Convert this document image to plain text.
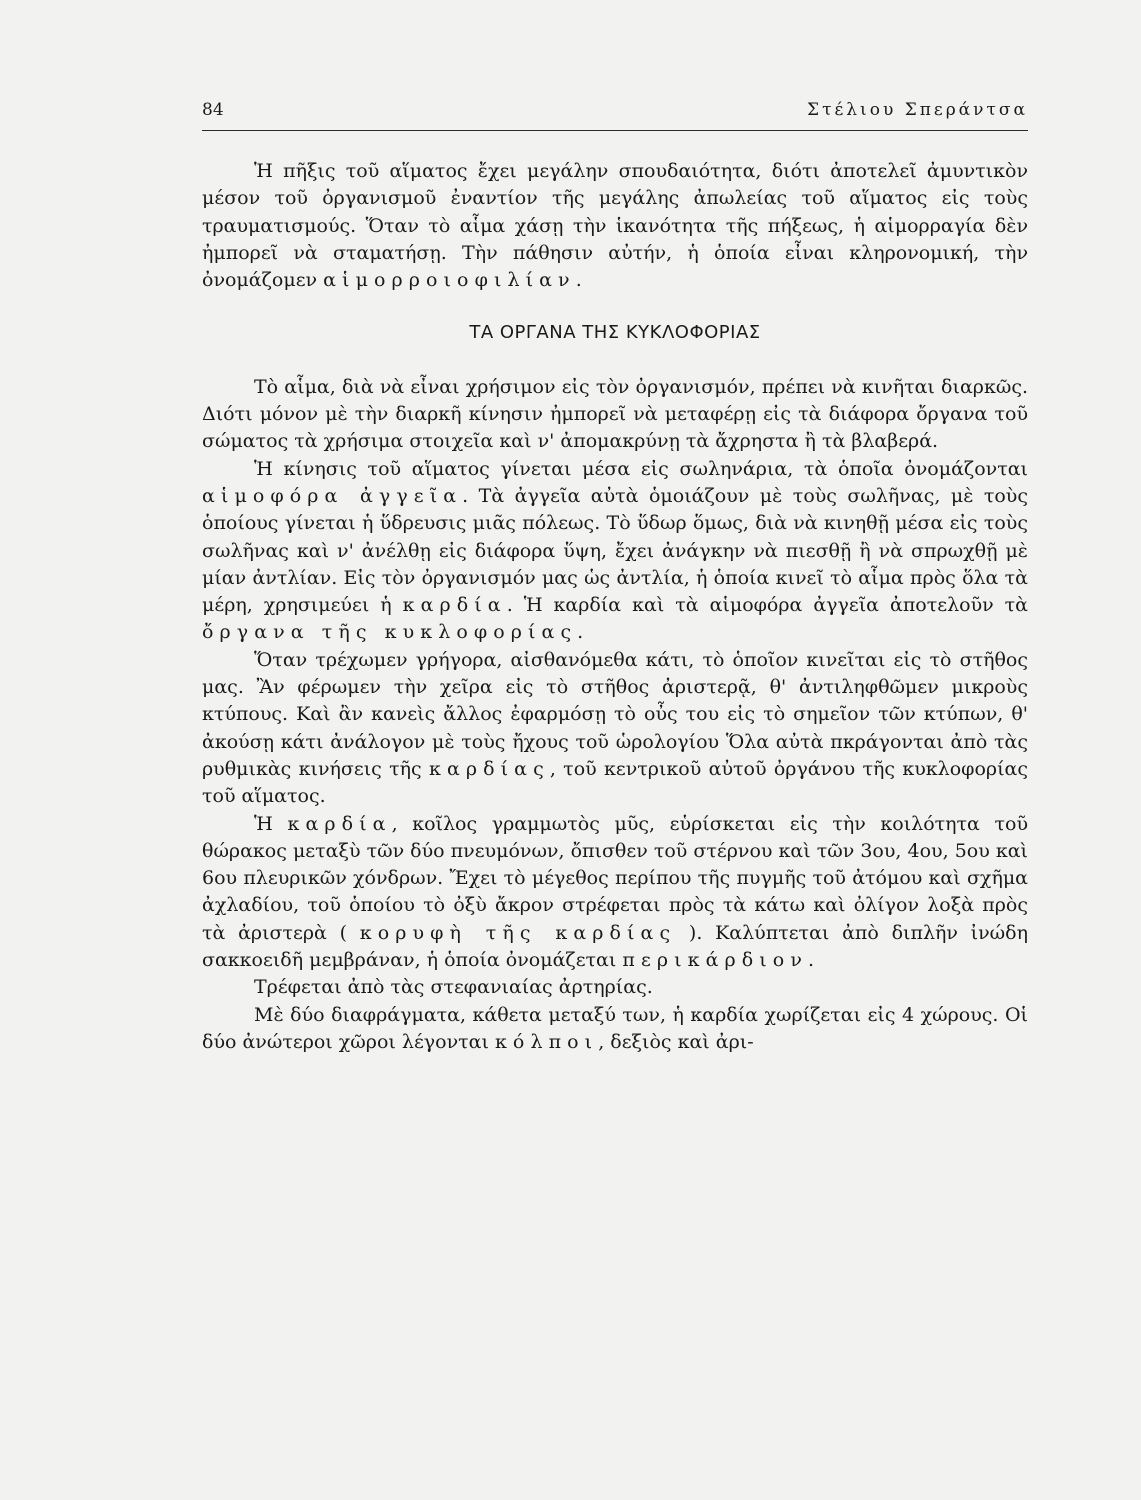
84	Στέλιου Σπεράντσα

Ἡ πῆξις τοῦ αἵματος ἔχει μεγάλην σπουδαιότητα, διότι ἀποτελεῖ ἀμυντικὸν μέσον τοῦ ὀργανισμοῦ ἐναντίον τῆς μεγάλης ἀπωλείας τοῦ αἵματος εἰς τοὺς τραυματισμούς. Ὅταν τὸ αἷμα χάσῃ τὴν ἱκανότητα τῆς πήξεως, ἡ αἱμορραγία δὲν ἠμπορεῖ νὰ σταματήσῃ. Τὴν πάθησιν αὐτήν, ἡ ὁποία εἶναι κληρονομική, τὴν ὀνομάζομεν αἱμορροιοφιλίαν.

ΤΑ ΟΡΓΑΝΑ ΤΗΣ ΚΥΚΛΟΦΟΡΙΑΣ

Τὸ αἷμα, διὰ νὰ εἶναι χρήσιμον εἰς τὸν ὀργανισμόν, πρέπει νὰ κινῆται διαρκῶς. Διότι μόνον μὲ τὴν διαρκῆ κίνησιν ἠμπορεῖ νὰ μεταφέρῃ εἰς τὰ διάφορα ὄργανα τοῦ σώματος τὰ χρήσιμα στοιχεῖα καὶ ν' ἀπομακρύνῃ τὰ ἄχρηστα ἢ τὰ βλαβερά.

Ἡ κίνησις τοῦ αἵματος γίνεται μέσα εἰς σωληνάρια, τὰ ὁποῖα ὀνομάζονται αἱμοφόρα ἀγγεῖα. Τὰ ἀγγεῖα αὐτὰ ὁμοιάζουν μὲ τοὺς σωλῆνας, μὲ τοὺς ὁποίους γίνεται ἡ ὕδρευσις μιᾶς πόλεως. Τὸ ὕδωρ ὅμως, διὰ νὰ κινηθῇ μέσα εἰς τοὺς σωλῆνας καὶ ν' ἀνέλθῃ εἰς διάφορα ὕψη, ἔχει ἀνάγκην νὰ πιεσθῇ ἢ νὰ σπρωχθῇ μὲ μίαν ἀντλίαν. Εἰς τὸν ὀργανισμόν μας ὡς ἀντλία, ἡ ὁποία κινεῖ τὸ αἷμα πρὸς ὅλα τὰ μέρη, χρησιμεύει ἡ καρδία. Ἡ καρδία καὶ τὰ αἱμοφόρα ἀγγεῖα ἀποτελοῦν τὰ ὄργανα τῆς κυκλοφορίας.

Ὅταν τρέχωμεν γρήγορα, αἰσθανόμεθα κάτι, τὸ ὁποῖον κινεῖται εἰς τὸ στῆθος μας. Ἂν φέρωμεν τὴν χεῖρα εἰς τὸ στῆθος ἀριστερᾷ, θ' ἀντιληφθῶμεν μικροὺς κτύπους. Καὶ ἂν κανεὶς ἄλλος ἐφαρμόσῃ τὸ οὖς του εἰς τὸ σημεῖον τῶν κτύπων, θ' ἀκούσῃ κάτι ἀνάλογον μὲ τοὺς ἤχους τοῦ ὡρολογίου Ὅλα αὐτὰ πκράγονται ἀπὸ τὰς ρυθμικὰς κινήσεις τῆς καρδίας, τοῦ κεντρικοῦ αὐτοῦ ὀργάνου τῆς κυκλοφορίας τοῦ αἵματος.

Ἡ καρδία, κοῖλος γραμμωτὸς μῦς, εὑρίσκεται εἰς τὴν κοιλότητα τοῦ θώρακος μεταξὺ τῶν δύο πνευμόνων, ὄπισθεν τοῦ στέρνου καὶ τῶν 3ου, 4ου, 5ου καὶ 6ου πλευρικῶν χόνδρων. Ἔχει τὸ μέγεθος περίπου τῆς πυγμῆς τοῦ ἀτόμου καὶ σχῆμα ἀχλαδίου, τοῦ ὁποίου τὸ ὀξὺ ἄκρον στρέφεται πρὸς τὰ κάτω καὶ ὀλίγον λοξὰ πρὸς τὰ ἀριστερὰ ( κορυφὴ τῆς καρδίας ). Καλύπτεται ἀπὸ διπλῆν ἰνώδη σακκοειδῆ μεμβράναν, ἡ ὁποία ὀνομάζεται περικάρδιον.

Τρέφεται ἀπὸ τὰς στεφανιαίας ἀρτηρίας.

Μὲ δύο διαφράγματα, κάθετα μεταξύ των, ἡ καρδία χωρίζεται εἰς 4 χώρους. Οἱ δύο ἀνώτεροι χῶροι λέγονται κόλποι, δεξιὸς καὶ ἀρι-
